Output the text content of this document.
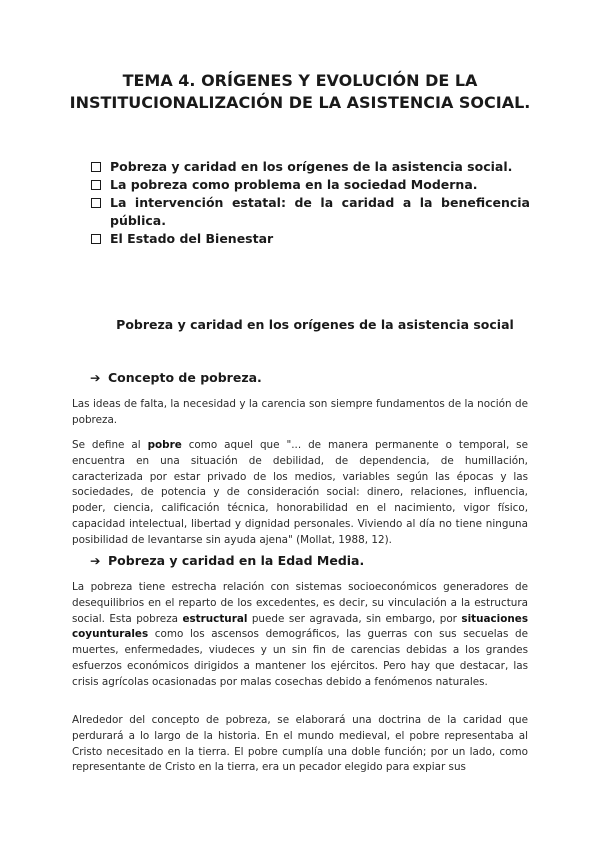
TEMA 4. ORÍGENES Y EVOLUCIÓN DE LA
INSTITUCIONALIZACIÓN DE LA ASISTENCIA SOCIAL.
Pobreza y caridad en los orígenes de la asistencia social.
La pobreza como problema en la sociedad Moderna.
La intervención estatal: de la caridad a la beneficencia pública.
El Estado del Bienestar
Pobreza y caridad en los orígenes de la asistencia social
➔ Concepto de pobreza.

Las ideas de falta, la necesidad y la carencia son siempre fundamentos de la noción de pobreza.

Se define al pobre como aquel que "... de manera permanente o temporal, se encuentra en una situación de debilidad, de dependencia, de humillación, caracterizada por estar privado de los medios, variables según las épocas y las sociedades, de potencia y de consideración social: dinero, relaciones, influencia, poder, ciencia, calificación técnica, honorabilidad en el nacimiento, vigor físico, capacidad intelectual, libertad y dignidad personales. Viviendo al día no tiene ninguna posibilidad de levantarse sin ayuda ajena" (Mollat, 1988, 12).

➔ Pobreza y caridad en la Edad Media.

La pobreza tiene estrecha relación con sistemas socioeconómicos generadores de desequilibrios en el reparto de los excedentes, es decir, su vinculación a la estructura social. Esta pobreza estructural puede ser agravada, sin embargo, por situaciones coyunturales como los ascensos demográficos, las guerras con sus secuelas de muertes, enfermedades, viudeces y un sin fin de carencias debidas a los grandes esfuerzos económicos dirigidos a mantener los ejércitos. Pero hay que destacar, las crisis agrícolas ocasionadas por malas cosechas debido a fenómenos naturales.

Alrededor del concepto de pobreza, se elaborará una doctrina de la caridad que perdurará a lo largo de la historia. En el mundo medieval, el pobre representaba al Cristo necesitado en la tierra. El pobre cumplía una doble función; por un lado, como representante de Cristo en la tierra, era un pecador elegido para expiar sus
